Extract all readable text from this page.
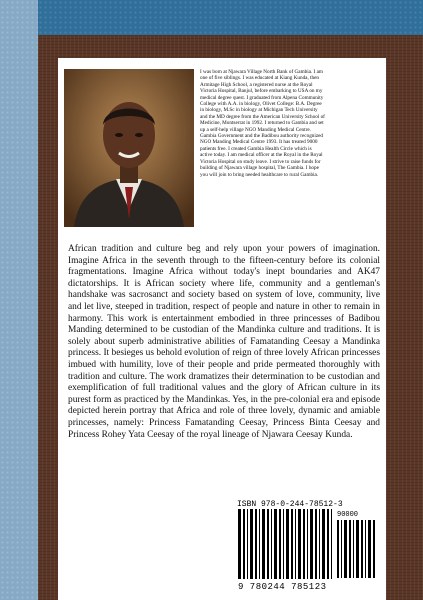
I was born at Njawara Village North Bank of Gambia. I am one of five siblings. I was educated at Kiang Kunda, then Armitage High School, a registered nurse at the Royal Victoria Hospital, Banjul, before embarking to USA on my medical degree quest. I graduated from Alpena Community College with A.A. in biology, Olivet College: B.A. Degree in biology, M.Sc in biology at Michigan Tech University and the MD degree from the American University School of Medicine, Montserrat in 1992. I returned to Gambia and set up a self-help village NGO Manding Medical Centre. Gambia Government and the Badibou authority recognized NGO Manding Medical Centre 1993. It has treated 9000 patients free. I created Gambia Health Circle which is active today. I am medical officer at the Royal in the Royal Victoria Hospital on study leave. I strive to raise funds for building of Njawara village hospital, The Gambia. I hope you will join to bring needed healthcare to rural Gambia.

African tradition and culture beg and rely upon your powers of imagination. Imagine Africa in the seventh through to the fifteen-century before its colonial fragmentations. Imagine Africa without today's inept boundaries and AK47 dictatorships. It is African society where life, community and a gentleman's handshake was sacrosanct and society based on system of love, community, live and let live, steeped in tradition, respect of people and nature in other to remain in harmony. This work is entertainment embodied in three princesses of Badibou Manding determined to be custodian of the Mandinka culture and traditions. It is solely about superb administrative abilities of Famatanding Ceesay a Mandinka princess. It besieges us behold evolution of reign of three lovely African princesses imbued with humility, love of their people and pride permeated thoroughly with tradition and culture. The work dramatizes their determination to be custodian and exemplification of full traditional values and the glory of African culture in its purest form as practiced by the Mandinkas. Yes, in the pre-colonial era and episode depicted herein portray that Africa and role of three lovely, dynamic and amiable princesses, namely: Princess Famatanding Ceesay, Princess Binta Ceesay and Princess Rohey Yata Ceesay of the royal lineage of Njawara Ceesay Kunda.

ISBN 978-0-244-78512-3
90000
9 780244 785123
